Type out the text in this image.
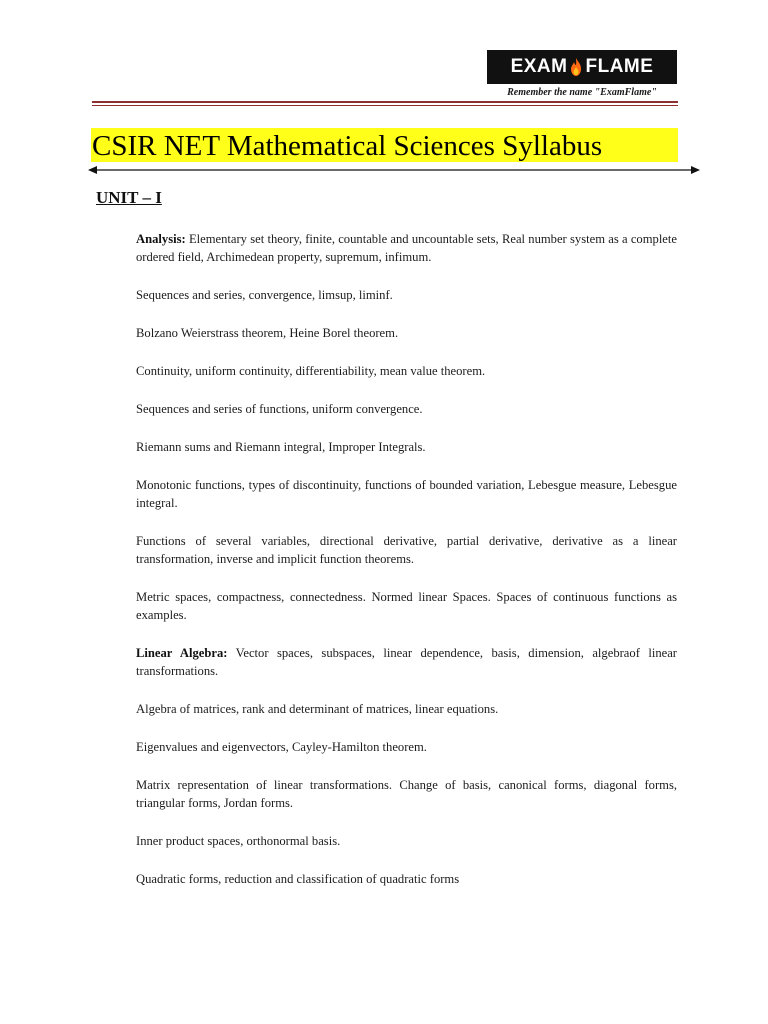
EXAM FLAME
Remember the name "ExamFlame"
CSIR NET Mathematical Sciences Syllabus
UNIT – I

Analysis: Elementary set theory, finite, countable and uncountable sets, Real number system as a complete ordered field, Archimedean property, supremum, infimum.

Sequences and series, convergence, limsup, liminf.

Bolzano Weierstrass theorem, Heine Borel theorem.

Continuity, uniform continuity, differentiability, mean value theorem.

Sequences and series of functions, uniform convergence.

Riemann sums and Riemann integral, Improper Integrals.

Monotonic functions, types of discontinuity, functions of bounded variation, Lebesgue measure, Lebesgue integral.

Functions of several variables, directional derivative, partial derivative, derivative as a linear transformation, inverse and implicit function theorems.

Metric spaces, compactness, connectedness. Normed linear Spaces. Spaces of continuous functions as examples.

Linear Algebra: Vector spaces, subspaces, linear dependence, basis, dimension, algebraof linear transformations.

Algebra of matrices, rank and determinant of matrices, linear equations.

Eigenvalues and eigenvectors, Cayley-Hamilton theorem.

Matrix representation of linear transformations. Change of basis, canonical forms, diagonal forms, triangular forms, Jordan forms.

Inner product spaces, orthonormal basis.

Quadratic forms, reduction and classification of quadratic forms
